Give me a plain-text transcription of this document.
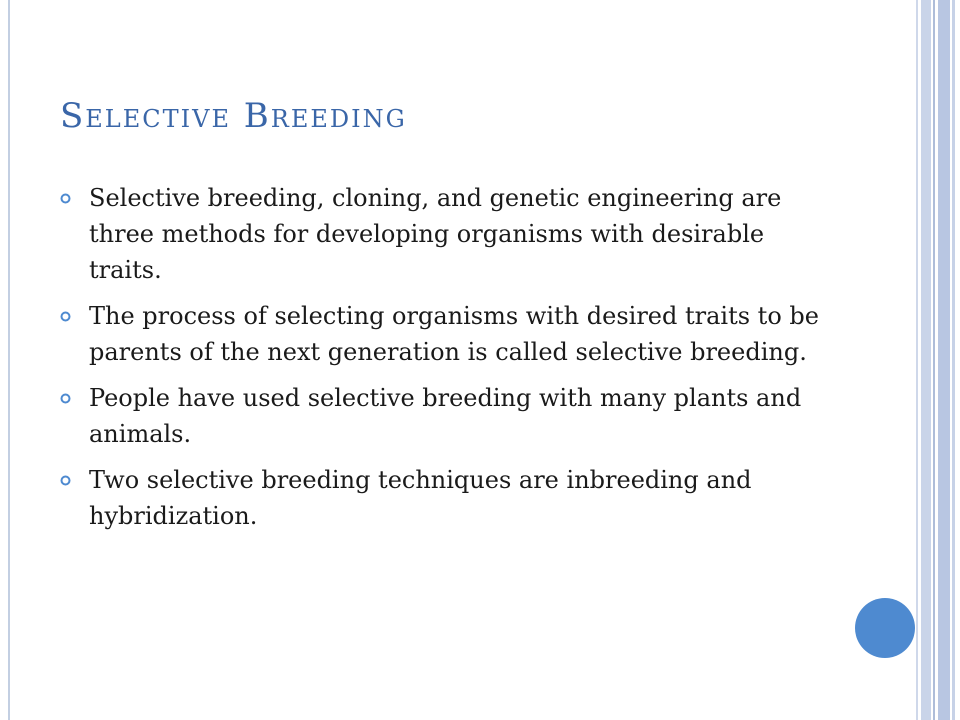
Selective Breeding
Selective breeding, cloning, and genetic engineering are three methods for developing organisms with desirable traits.
The process of selecting organisms with desired traits to be parents of the next generation is called selective breeding.
People have used selective breeding with many plants and animals.
Two selective breeding techniques are inbreeding and hybridization.
